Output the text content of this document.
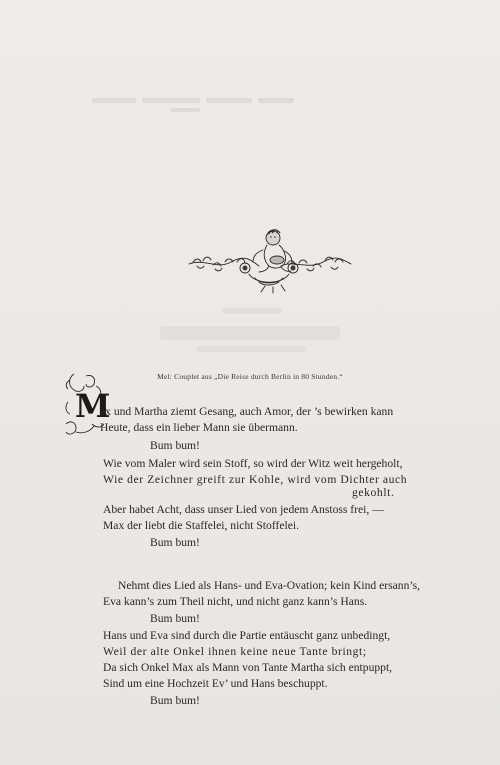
Mel: Couplet aus „Die Reise durch Berlin in 80 Stunden.“
M
ax und Martha ziemt Gesang, auch Amor, der ’s bewirken kann
Heute, dass ein lieber Mann sie übermann.
Bum bum!
Wie vom Maler wird sein Stoff, so wird der Witz weit hergeholt,
Wie der Zeichner greift zur Kohle, wird vom Dichter auch
gekohlt.
Aber habet Acht, dass unser Lied von jedem Anstoss frei, —
Max der liebt die Staffelei, nicht Stoffelei.
Bum bum!
Nehmt dies Lied als Hans- und Eva-Ovation; kein Kind ersann’s,
Eva kann’s zum Theil nicht, und nicht ganz kann’s Hans.
Bum bum!
Hans und Eva sind durch die Partie entäuscht ganz unbedingt,
Weil der alte Onkel ihnen keine neue Tante bringt;
Da sich Onkel Max als Mann von Tante Martha sich entpuppt,
Sind um eine Hochzeit Ev’ und Hans beschuppt.
Bum bum!
